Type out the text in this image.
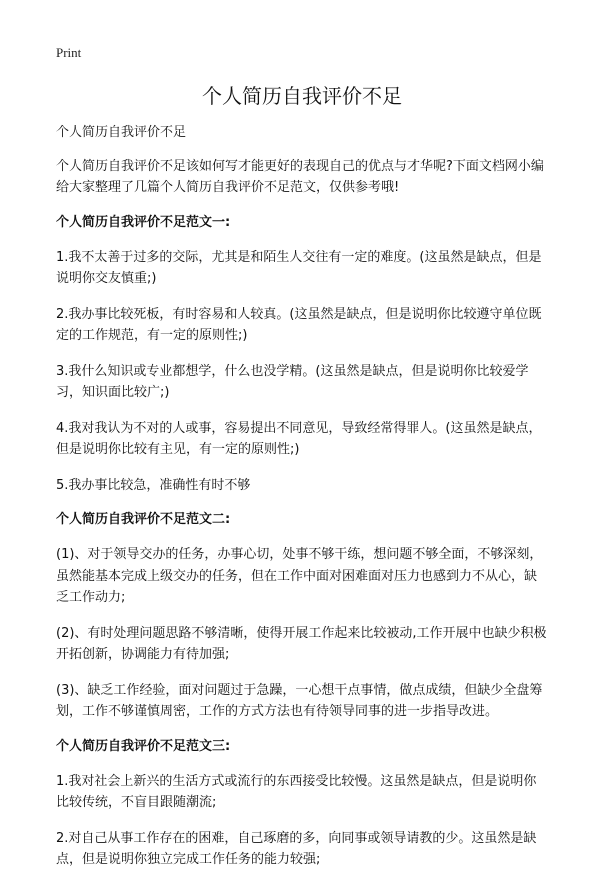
Print
个人简历自我评价不足

个人简历自我评价不足

个人简历自我评价不足该如何写才能更好的表现自己的优点与才华呢?下面文档网小编给大家整理了几篇个人简历自我评价不足范文，仅供参考哦!

个人简历自我评价不足范文一:

1.我不太善于过多的交际，尤其是和陌生人交往有一定的难度。(这虽然是缺点，但是说明你交友慎重;)

2.我办事比较死板，有时容易和人较真。(这虽然是缺点，但是说明你比较遵守单位既定的工作规范，有一定的原则性;)

3.我什么知识或专业都想学，什么也没学精。(这虽然是缺点，但是说明你比较爱学习，知识面比较广;)

4.我对我认为不对的人或事，容易提出不同意见，导致经常得罪人。(这虽然是缺点，但是说明你比较有主见，有一定的原则性;)

5.我办事比较急，准确性有时不够

个人简历自我评价不足范文二:

(1)、对于领导交办的任务，办事心切，处事不够干练，想问题不够全面，不够深刻，虽然能基本完成上级交办的任务，但在工作中面对困难面对压力也感到力不从心，缺乏工作动力;

(2)、有时处理问题思路不够清晰，使得开展工作起来比较被动,工作开展中也缺少积极开拓创新，协调能力有待加强;

(3)、缺乏工作经验，面对问题过于急躁，一心想干点事情，做点成绩，但缺少全盘筹划，工作不够谨慎周密，工作的方式方法也有待领导同事的进一步指导改进。

个人简历自我评价不足范文三:

1.我对社会上新兴的生活方式或流行的东西接受比较慢。这虽然是缺点，但是说明你比较传统，不盲目跟随潮流;

2.对自己从事工作存在的困难，自己琢磨的多，向同事或领导请教的少。这虽然是缺点，但是说明你独立完成工作任务的能力较强;
